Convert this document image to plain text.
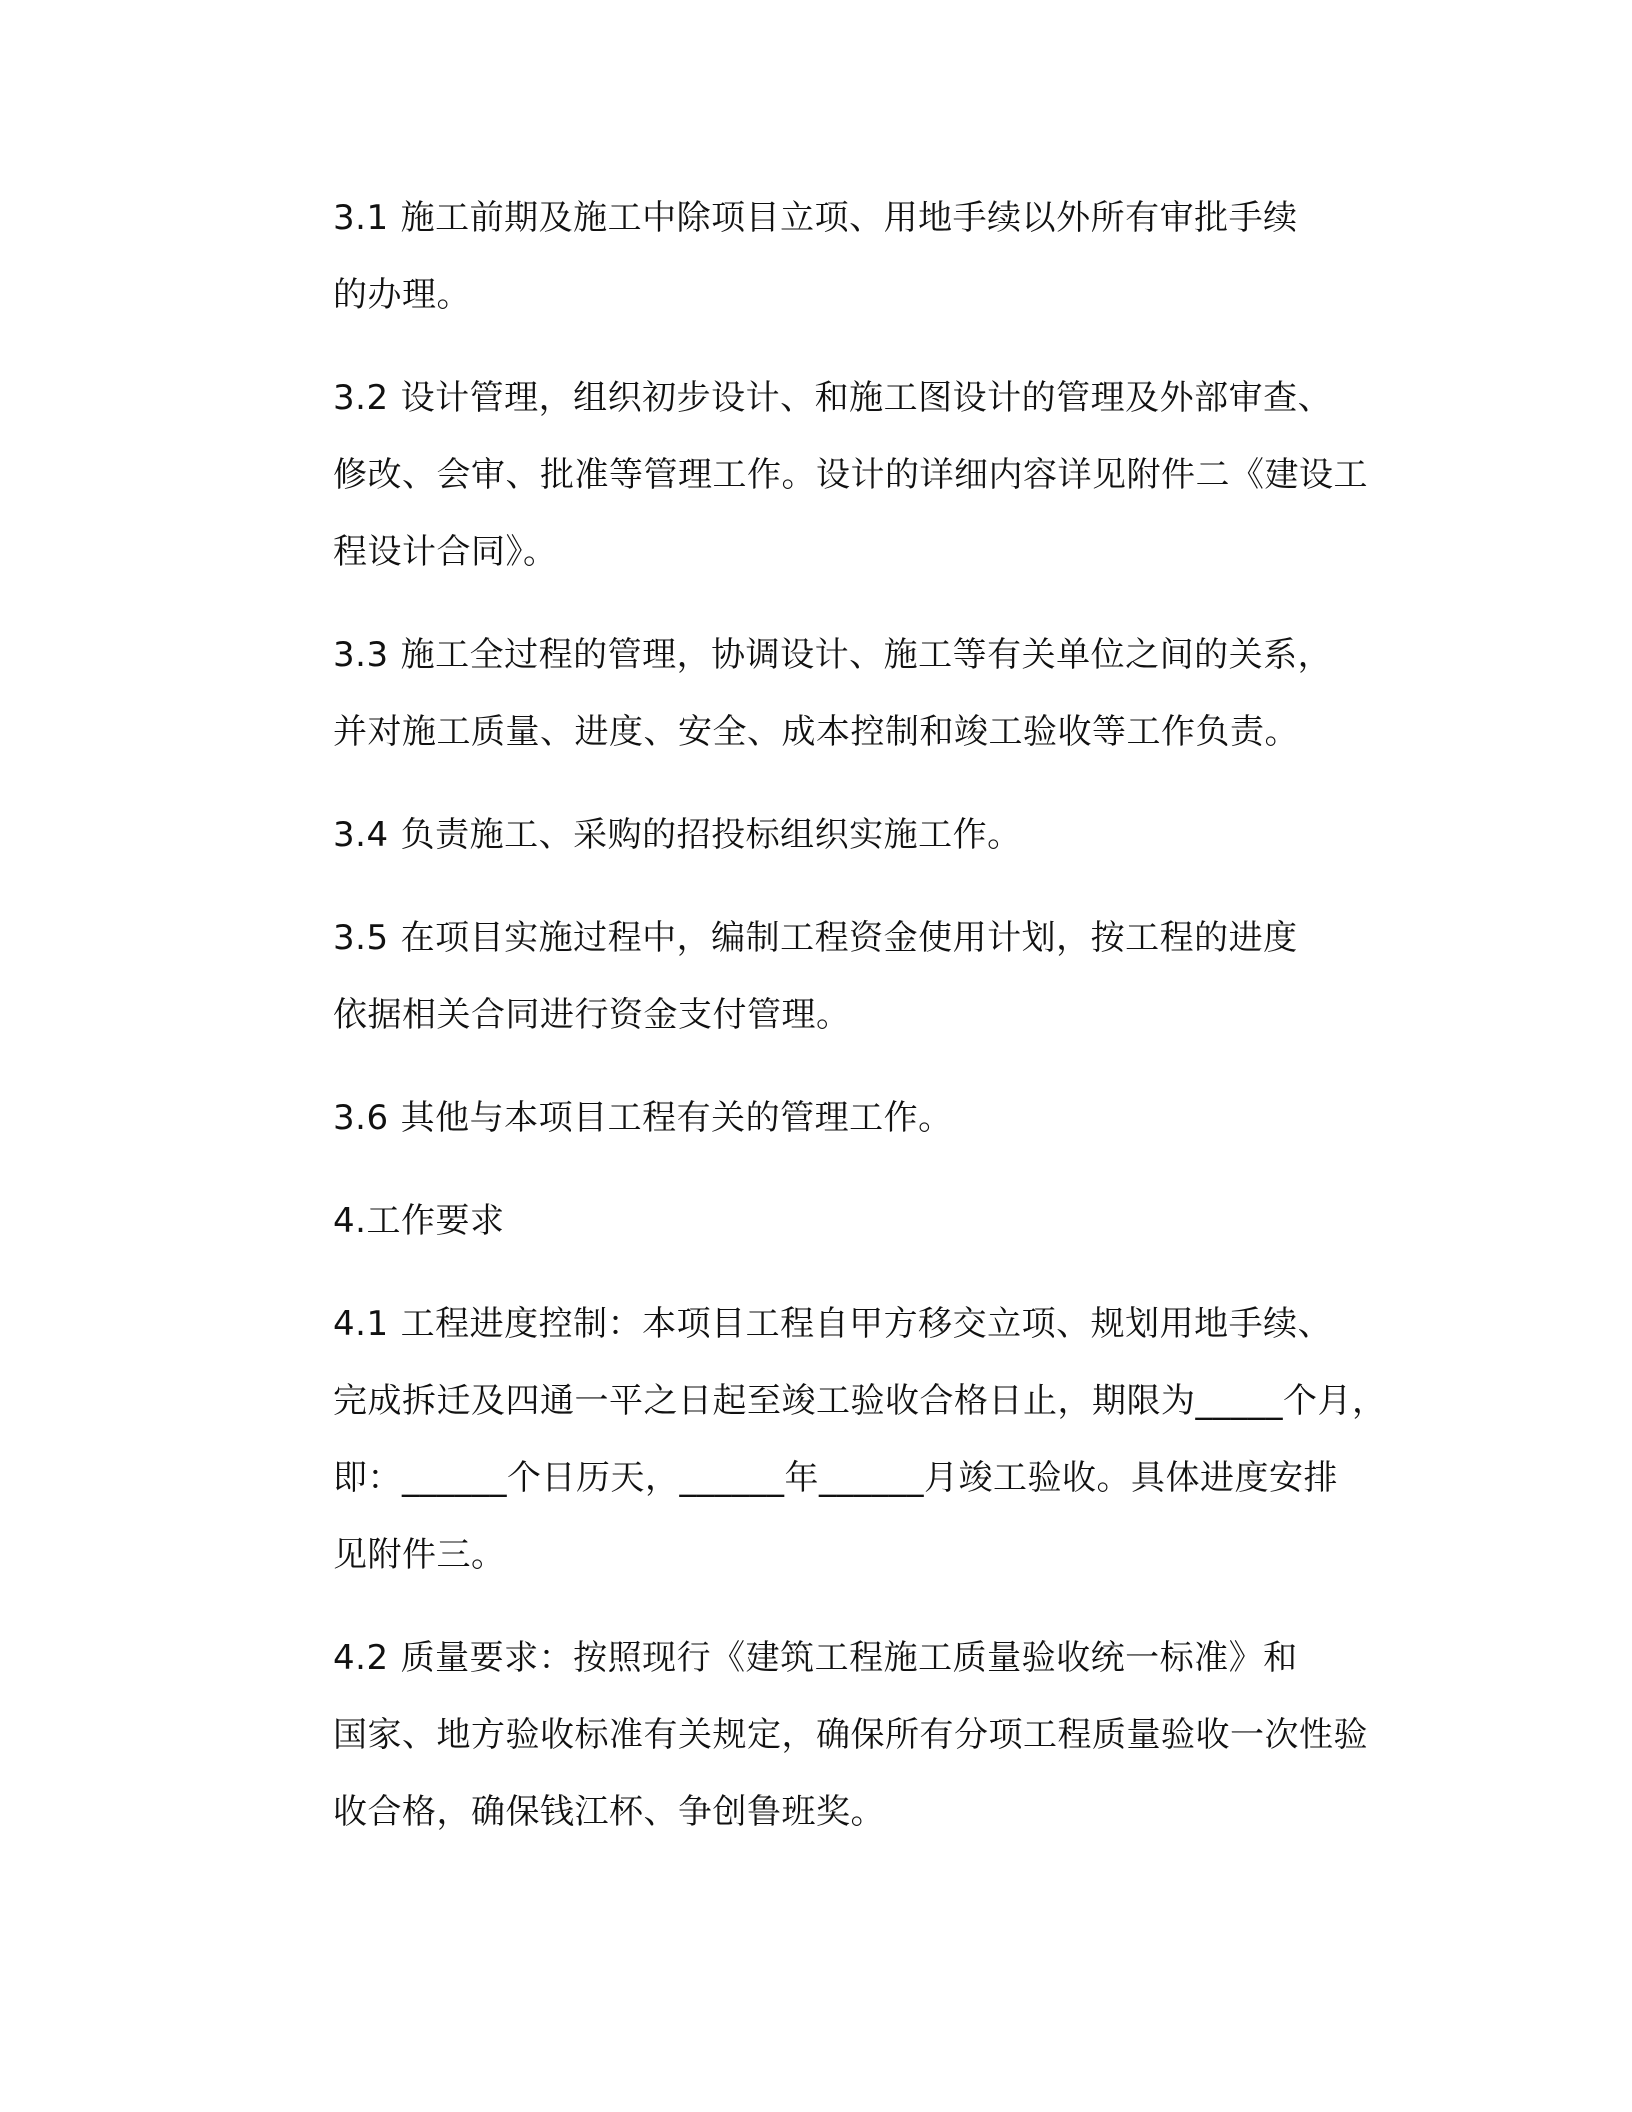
3.1 施工前期及施工中除项目立项、用地手续以外所有审批手续
的办理。

3.2 设计管理，组织初步设计、和施工图设计的管理及外部审查、
修改、会审、批准等管理工作。设计的详细内容详见附件二《建设工
程设计合同》。

3.3 施工全过程的管理，协调设计、施工等有关单位之间的关系，
并对施工质量、进度、安全、成本控制和竣工验收等工作负责。

3.4 负责施工、采购的招投标组织实施工作。

3.5 在项目实施过程中，编制工程资金使用计划，按工程的进度
依据相关合同进行资金支付管理。

3.6 其他与本项目工程有关的管理工作。

4.工作要求

4.1 工程进度控制：本项目工程自甲方移交立项、规划用地手续、
完成拆迁及四通一平之日起至竣工验收合格日止，期限为_____个月，
即：______个日历天，______年______月竣工验收。具体进度安排
见附件三。

4.2 质量要求：按照现行《建筑工程施工质量验收统一标准》和
国家、地方验收标准有关规定，确保所有分项工程质量验收一次性验
收合格，确保钱江杯、争创鲁班奖。
